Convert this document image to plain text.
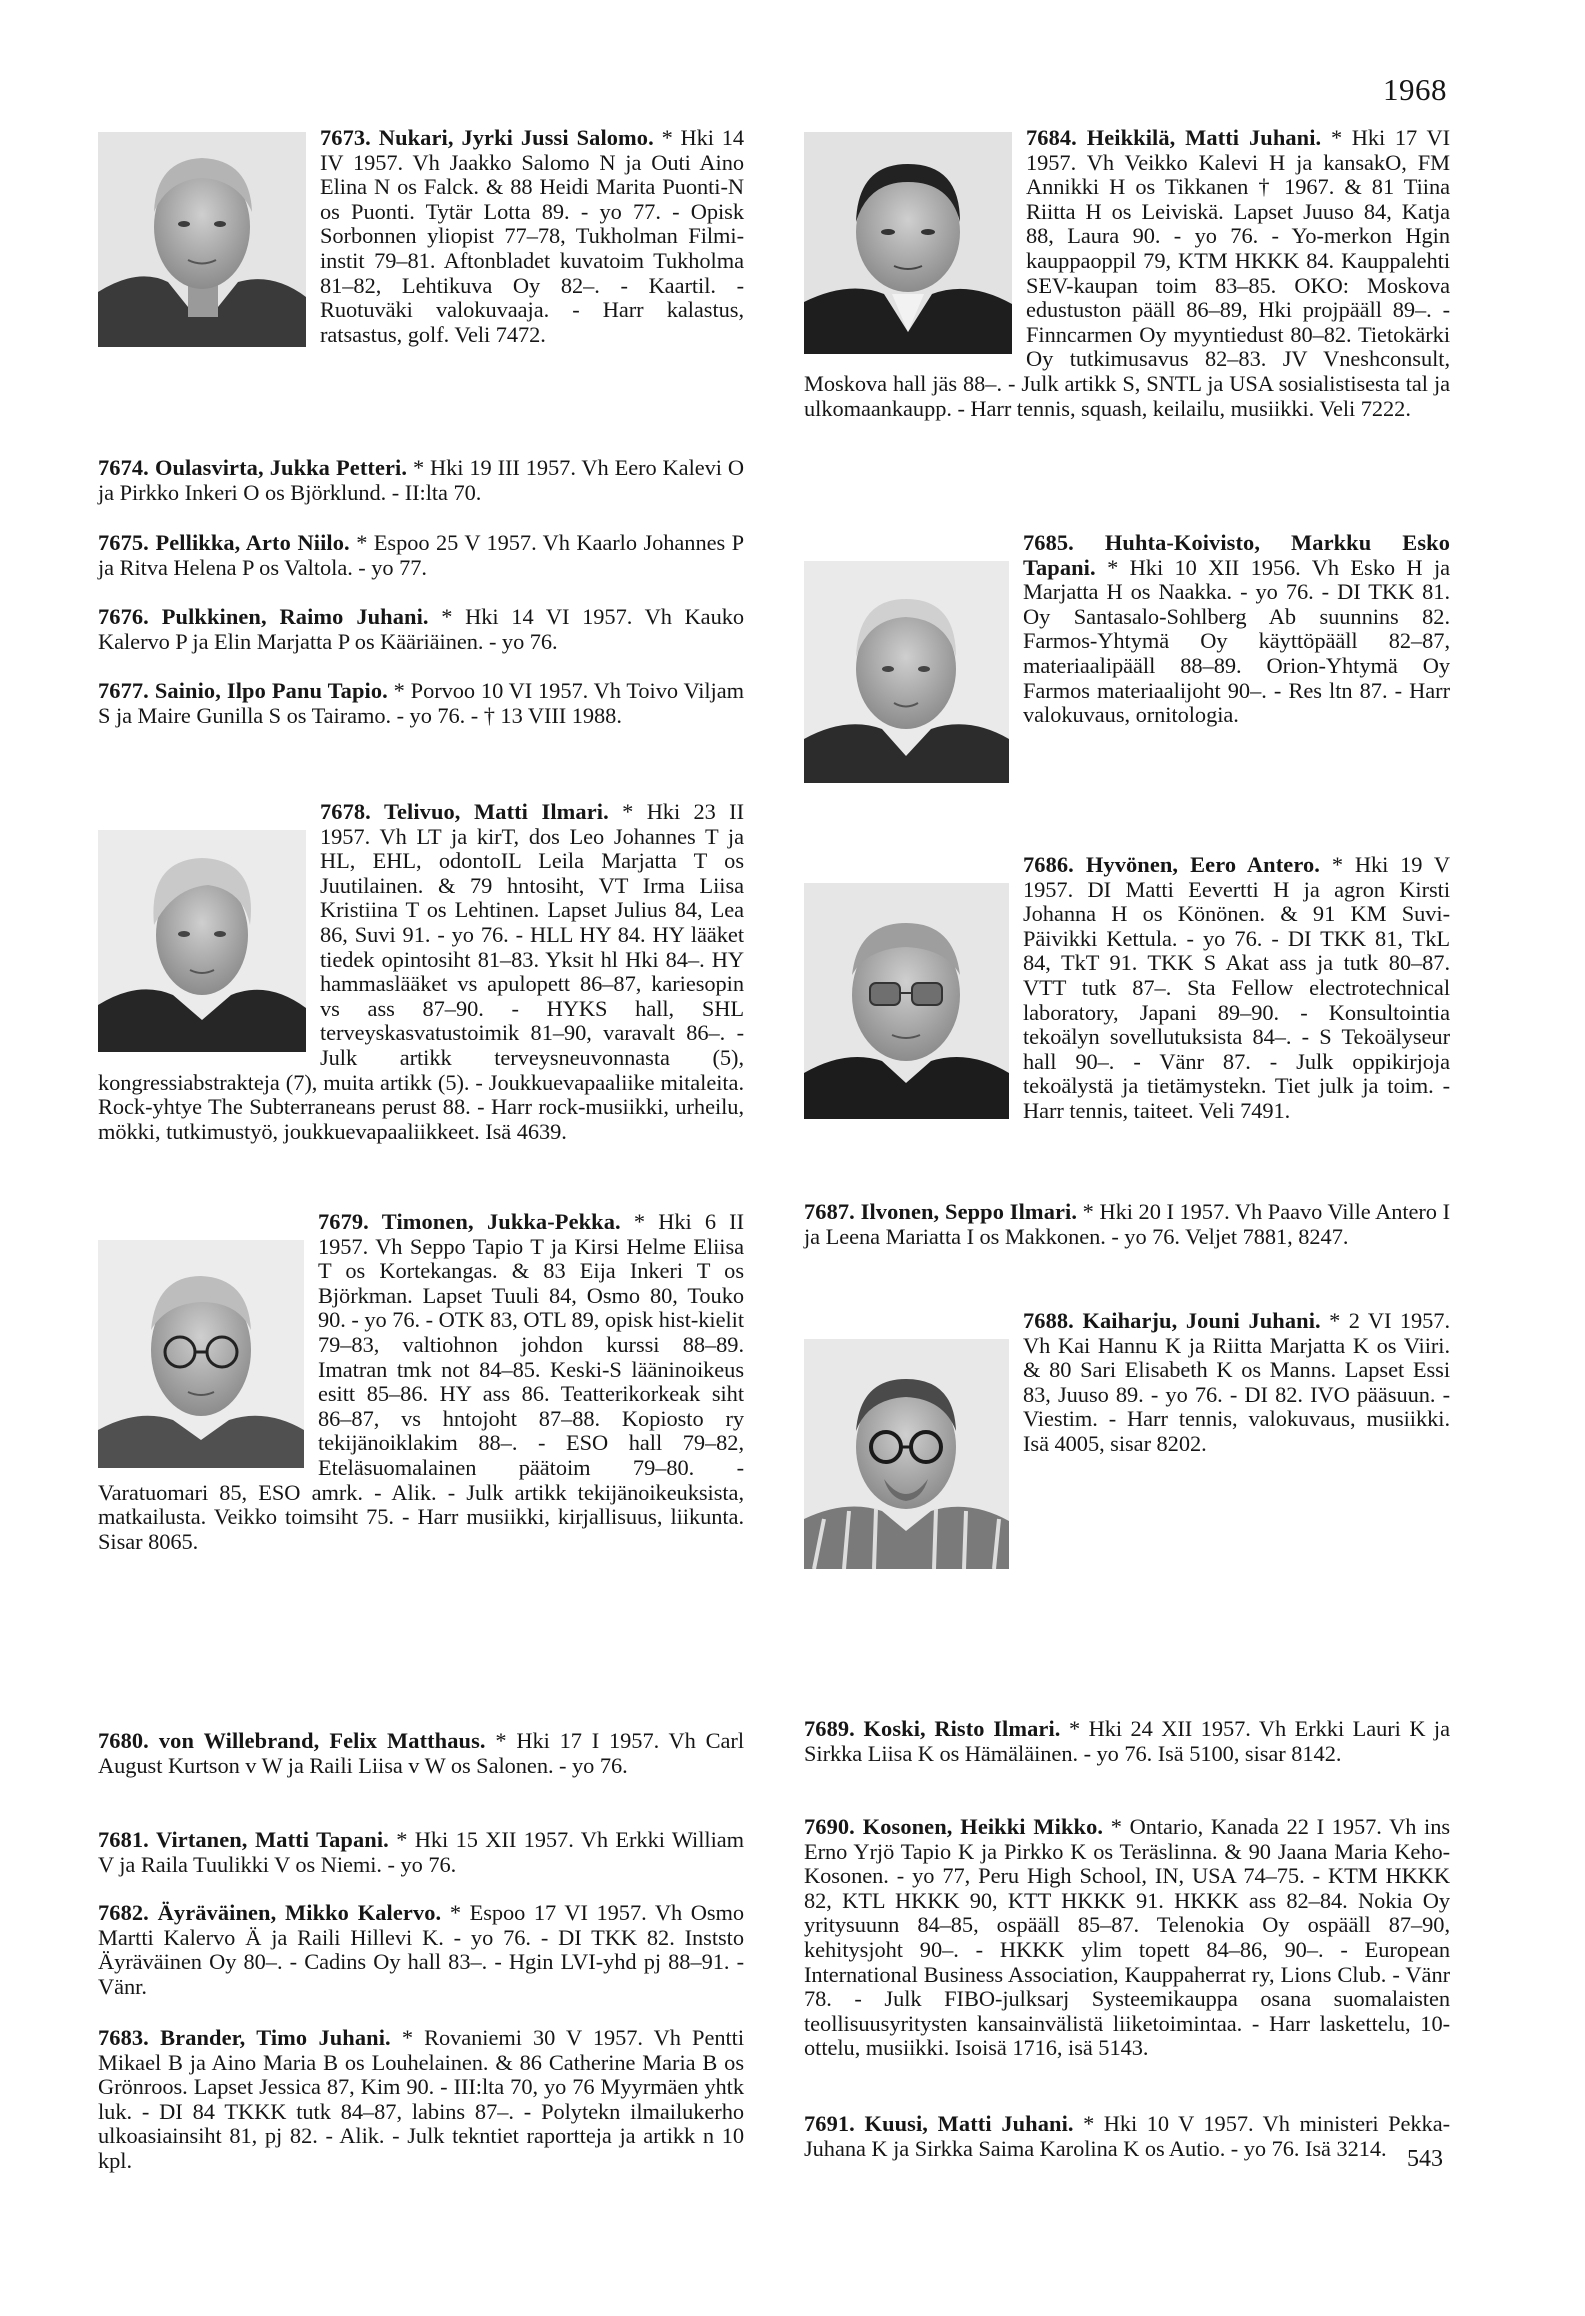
1968
7673. Nukari, Jyrki Jussi Salomo. * Hki 14 IV 1957. Vh Jaakko Salomo N ja Outi Aino Elina N os Falck. & 88 Heidi Marita Puonti-N os Puonti. Tytär Lotta 89. - yo 77. - Opisk Sorbonnen yliopist 77–78, Tukholman Filmi-instit 79–81. Aftonbladet kuvatoim Tukholma 81–82, Lehtikuva Oy 82–. - Kaartil. - Ruotuväki valokuvaaja. - Harr kalastus, ratsastus, golf. Veli 7472.
7674. Oulasvirta, Jukka Petteri. * Hki 19 III 1957. Vh Eero Kalevi O ja Pirkko Inkeri O os Björklund. - II:lta 70.
7675. Pellikka, Arto Niilo. * Espoo 25 V 1957. Vh Kaarlo Johannes P ja Ritva Helena P os Valtola. - yo 77.
7676. Pulkkinen, Raimo Juhani. * Hki 14 VI 1957. Vh Kauko Kalervo P ja Elin Marjatta P os Kääriäinen. - yo 76.
7677. Sainio, Ilpo Panu Tapio. * Porvoo 10 VI 1957. Vh Toivo Viljam S ja Maire Gunilla S os Tairamo. - yo 76. - † 13 VIII 1988.
7678. Telivuo, Matti Ilmari. * Hki 23 II 1957. Vh LT ja kirT, dos Leo Johannes T ja HL, EHL, odontoIL Leila Marjatta T os Juutilainen. & 79 hntosiht, VT Irma Liisa Kristiina T os Lehtinen. Lapset Julius 84, Lea 86, Suvi 91. - yo 76. - HLL HY 84. HY lääket tiedek opintosiht 81–83. Yksit hl Hki 84–. HY hammaslääket vs apulopett 86–87, kariesopin vs ass 87–90. - HYKS hall, SHL terveyskasvatustoimik 81–90, varavalt 86–. - Julk artikk terveysneuvonnasta (5), kongressiabstrakteja (7), muita artikk (5). - Joukkuevapaaliike mitaleita. Rock-yhtye The Subterraneans perust 88. - Harr rock-musiikki, urheilu, mökki, tutkimustyö, joukkuevapaaliikkeet. Isä 4639.
7679. Timonen, Jukka-Pekka. * Hki 6 II 1957. Vh Seppo Tapio T ja Kirsi Helme Eliisa T os Kortekangas. & 83 Eija Inkeri T os Björkman. Lapset Tuuli 84, Osmo 80, Touko 90. - yo 76. - OTK 83, OTL 89, opisk hist-kielit 79–83, valtiohnon johdon kurssi 88–89. Imatran tmk not 84–85. Keski-S lääninoikeus esitt 85–86. HY ass 86. Teatterikorkeak siht 86–87, vs hntojoht 87–88. Kopiosto ry tekijänoiklakim 88–. - ESO hall 79–82, Eteläsuomalainen päätoim 79–80. - Varatuomari 85, ESO amrk. - Alik. - Julk artikk tekijänoikeuksista, matkailusta. Veikko toimsiht 75. - Harr musiikki, kirjallisuus, liikunta. Sisar 8065.
7680. von Willebrand, Felix Matthaus. * Hki 17 I 1957. Vh Carl August Kurtson v W ja Raili Liisa v W os Salonen. - yo 76.
7681. Virtanen, Matti Tapani. * Hki 15 XII 1957. Vh Erkki William V ja Raila Tuulikki V os Niemi. - yo 76.
7682. Äyräväinen, Mikko Kalervo. * Espoo 17 VI 1957. Vh Osmo Martti Kalervo Ä ja Raili Hillevi K. - yo 76. - DI TKK 82. Inststo Äyräväinen Oy 80–. - Cadins Oy hall 83–. - Hgin LVI-yhd pj 88–91. - Vänr.
7683. Brander, Timo Juhani. * Rovaniemi 30 V 1957. Vh Pentti Mikael B ja Aino Maria B os Louhelainen. & 86 Catherine Maria B os Grönroos. Lapset Jessica 87, Kim 90. - III:lta 70, yo 76 Myyrmäen yhtk luk. - DI 84 TKKK tutk 84–87, labins 87–. - Polytekn ilmailukerho ulkoasiainsiht 81, pj 82. - Alik. - Julk tekntiet raportteja ja artikk n 10 kpl.
7684. Heikkilä, Matti Juhani. * Hki 17 VI 1957. Vh Veikko Kalevi H ja kansakO, FM Annikki H os Tikkanen † 1967. & 81 Tiina Riitta H os Leiviskä. Lapset Juuso 84, Katja 88, Laura 90. - yo 76. - Yo-merkon Hgin kauppaoppil 79, KTM HKKK 84. Kauppalehti SEV-kaupan toim 83–85. OKO: Moskova edustuston pääll 86–89, Hki projpääll 89–. - Finncarmen Oy myyntiedust 80–82. Tietokärki Oy tutkimusavus 82–83. JV Vneshconsult, Moskova hall jäs 88–. - Julk artikk S, SNTL ja USA sosialistisesta tal ja ulkomaankaupp. - Harr tennis, squash, keilailu, musiikki. Veli 7222.
7685. Huhta-Koivisto, Markku Esko Tapani. * Hki 10 XII 1956. Vh Esko H ja Marjatta H os Naakka. - yo 76. - DI TKK 81. Oy Santasalo-Sohlberg Ab suunnins 82. Farmos-Yhtymä Oy käyttöpääll 82–87, materiaalipääll 88–89. Orion-Yhtymä Oy Farmos materiaalijoht 90–. - Res ltn 87. - Harr valokuvaus, ornitologia.
7686. Hyvönen, Eero Antero. * Hki 19 V 1957. DI Matti Eevertti H ja agron Kirsti Johanna H os Könönen. & 91 KM Suvi-Päivikki Kettula. - yo 76. - DI TKK 81, TkL 84, TkT 91. TKK S Akat ass ja tutk 80–87. VTT tutk 87–. Sta Fellow electrotechnical laboratory, Japani 89–90. - Konsultointia tekoälyn sovellutuksista 84–. - S Tekoälyseur hall 90–. - Vänr 87. - Julk oppikirjoja tekoälystä ja tietämystekn. Tiet julk ja toim. - Harr tennis, taiteet. Veli 7491.
7687. Ilvonen, Seppo Ilmari. * Hki 20 I 1957. Vh Paavo Ville Antero I ja Leena Mariatta I os Makkonen. - yo 76. Veljet 7881, 8247.
7688. Kaiharju, Jouni Juhani. * 2 VI 1957. Vh Kai Hannu K ja Riitta Marjatta K os Viiri. & 80 Sari Elisabeth K os Manns. Lapset Essi 83, Juuso 89. - yo 76. - DI 82. IVO pääsuun. - Viestim. - Harr tennis, valokuvaus, musiikki. Isä 4005, sisar 8202.
7689. Koski, Risto Ilmari. * Hki 24 XII 1957. Vh Erkki Lauri K ja Sirkka Liisa K os Hämäläinen. - yo 76. Isä 5100, sisar 8142.
7690. Kosonen, Heikki Mikko. * Ontario, Kanada 22 I 1957. Vh ins Erno Yrjö Tapio K ja Pirkko K os Teräslinna. & 90 Jaana Maria Keho-Kosonen. - yo 77, Peru High School, IN, USA 74–75. - KTM HKKK 82, KTL HKKK 90, KTT HKKK 91. HKKK ass 82–84. Nokia Oy yritysuunn 84–85, ospääll 85–87. Telenokia Oy ospääll 87–90, kehitysjoht 90–. - HKKK ylim topett 84–86, 90–. - European International Business Association, Kauppaherrat ry, Lions Club. - Vänr 78. - Julk FIBO-julksarj Systeemikauppa osana suomalaisten teollisuusyritysten kansainvälistä liiketoimintaa. - Harr laskettelu, 10-ottelu, musiikki. Isoisä 1716, isä 5143.
7691. Kuusi, Matti Juhani. * Hki 10 V 1957. Vh ministeri Pekka-Juhana K ja Sirkka Saima Karolina K os Autio. - yo 76. Isä 3214. 543
